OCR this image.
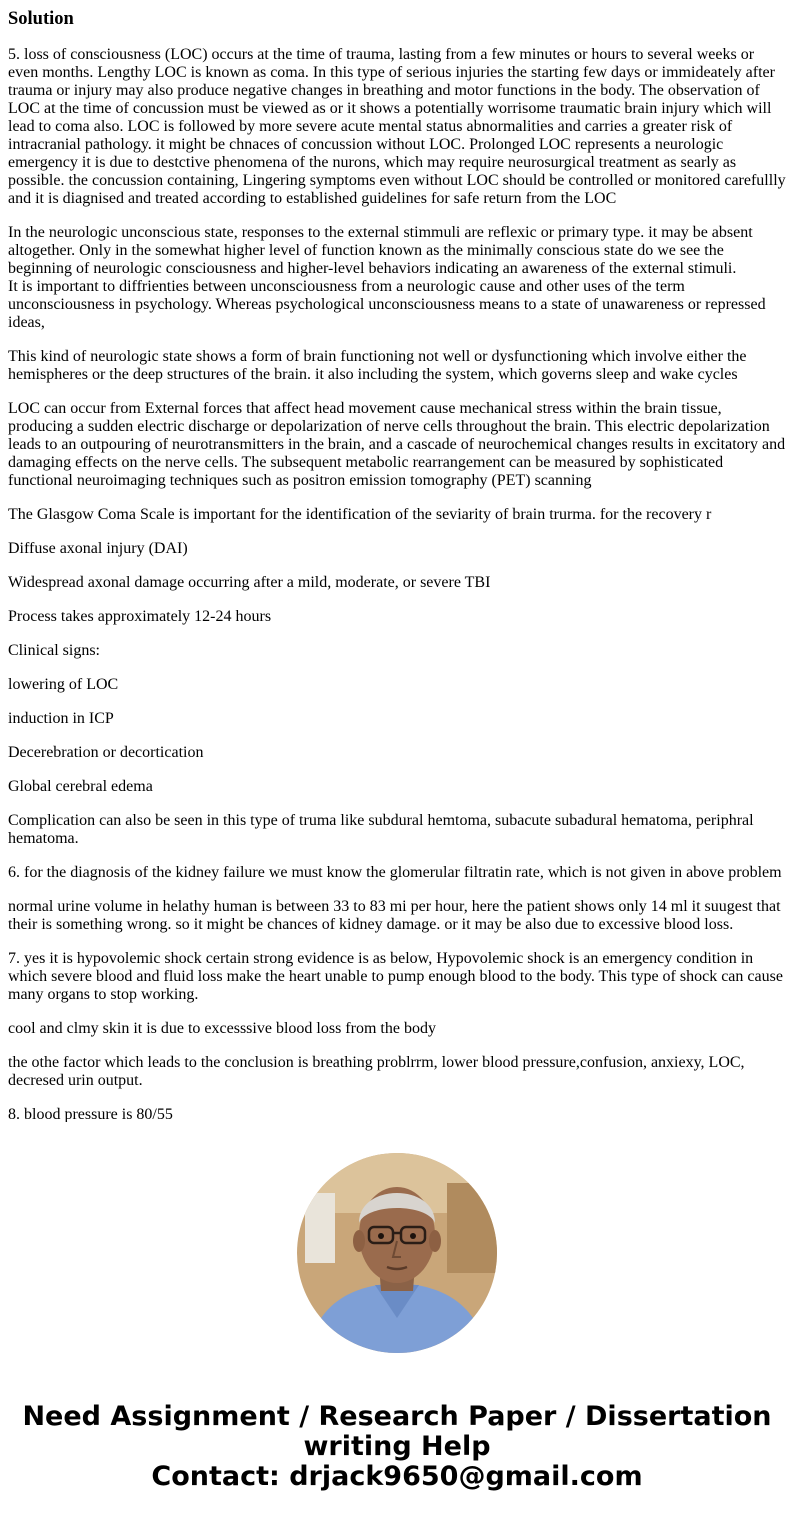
Solution

5. loss of consciousness (LOC) occurs at the time of trauma, lasting from a few minutes or hours to several weeks or even months. Lengthy LOC is known as coma. In this type of serious injuries the starting few days or immideately after trauma or injury may also produce negative changes in breathing and motor functions in the body. The observation of LOC at the time of concussion must be viewed as or it shows a potentially worrisome traumatic brain injury which will lead to coma also. LOC is followed by more severe acute mental status abnormalities and carries a greater risk of intracranial pathology. it might be chnaces of concussion without LOC. Prolonged LOC represents a neurologic emergency it is due to destctive phenomena of the nurons, which may require neurosurgical treatment as searly as possible. the concussion containing, Lingering symptoms even without LOC should be controlled or monitored carefullly and it is diagnised and treated according to established guidelines for safe return from the LOC

In the neurologic unconscious state, responses to the external stimmuli are reflexic or primary type. it may be absent altogether. Only in the somewhat higher level of function known as the minimally conscious state do we see the beginning of neurologic consciousness and higher-level behaviors indicating an awareness of the external stimuli.
It is important to diffrienties between unconsciousness from a neurologic cause and other uses of the term unconsciousness in psychology. Whereas psychological unconsciousness means to a state of unawareness or repressed ideas,

This kind of neurologic state shows a form of brain functioning not well or dysfunctioning which involve either the hemispheres or the deep structures of the brain. it also including the system, which governs sleep and wake cycles

LOC can occur from External forces that affect head movement cause mechanical stress within the brain tissue, producing a sudden electric discharge or depolarization of nerve cells throughout the brain. This electric depolarization leads to an outpouring of neurotransmitters in the brain, and a cascade of neurochemical changes results in excitatory and damaging effects on the nerve cells. The subsequent metabolic rearrangement can be measured by sophisticated functional neuroimaging techniques such as positron emission tomography (PET) scanning

The Glasgow Coma Scale is important for the identification of the seviarity of brain trurma. for the recovery r

Diffuse axonal injury (DAI)

Widespread axonal damage occurring after a mild, moderate, or severe TBI

Process takes approximately 12-24 hours

Clinical signs:

lowering of LOC

induction in ICP

Decerebration or decortication

Global cerebral edema

Complication can also be seen in this type of truma like subdural hemtoma, subacute subadural hematoma, periphral hematoma.

6. for the diagnosis of the kidney failure we must know the glomerular filtratin rate, which is not given in above problem

normal urine volume in helathy human is between 33 to 83 mi per hour, here the patient shows only 14 ml it suugest that their is something wrong. so it might be chances of kidney damage. or it may be also due to excessive blood loss.

7. yes it is hypovolemic shock certain strong evidence is as below, Hypovolemic shock is an emergency condition in which severe blood and fluid loss make the heart unable to pump enough blood to the body. This type of shock can cause many organs to stop working.

cool and clmy skin it is due to excesssive blood loss from the body

the othe factor which leads to the conclusion is breathing problrrm, lower blood pressure,confusion, anxiexy, LOC, decresed urin output.

8. blood pressure is 80/55

Need Assignment / Research Paper / Dissertation
writing Help
Contact: drjack9650@gmail.com
